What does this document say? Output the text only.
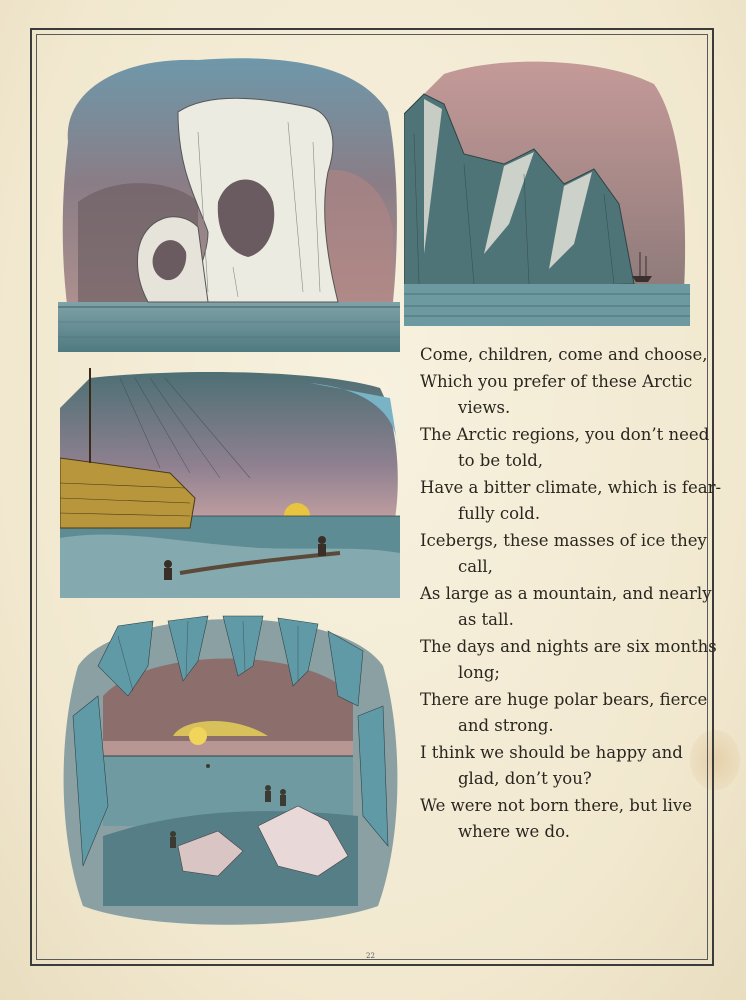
Come, children, come and choose,

Which you prefer of these Arctic
views.

The Arctic regions, you don’t need
to be told,

Have a bitter climate, which is fear-
fully cold.

Icebergs, these masses of ice they
call,

As large as a mountain, and nearly
as tall.

The days and nights are six months
long;

There are huge polar bears, fierce
and strong.

I think we should be happy and
glad, don’t you?

We were not born there, but live
where we do.

22
